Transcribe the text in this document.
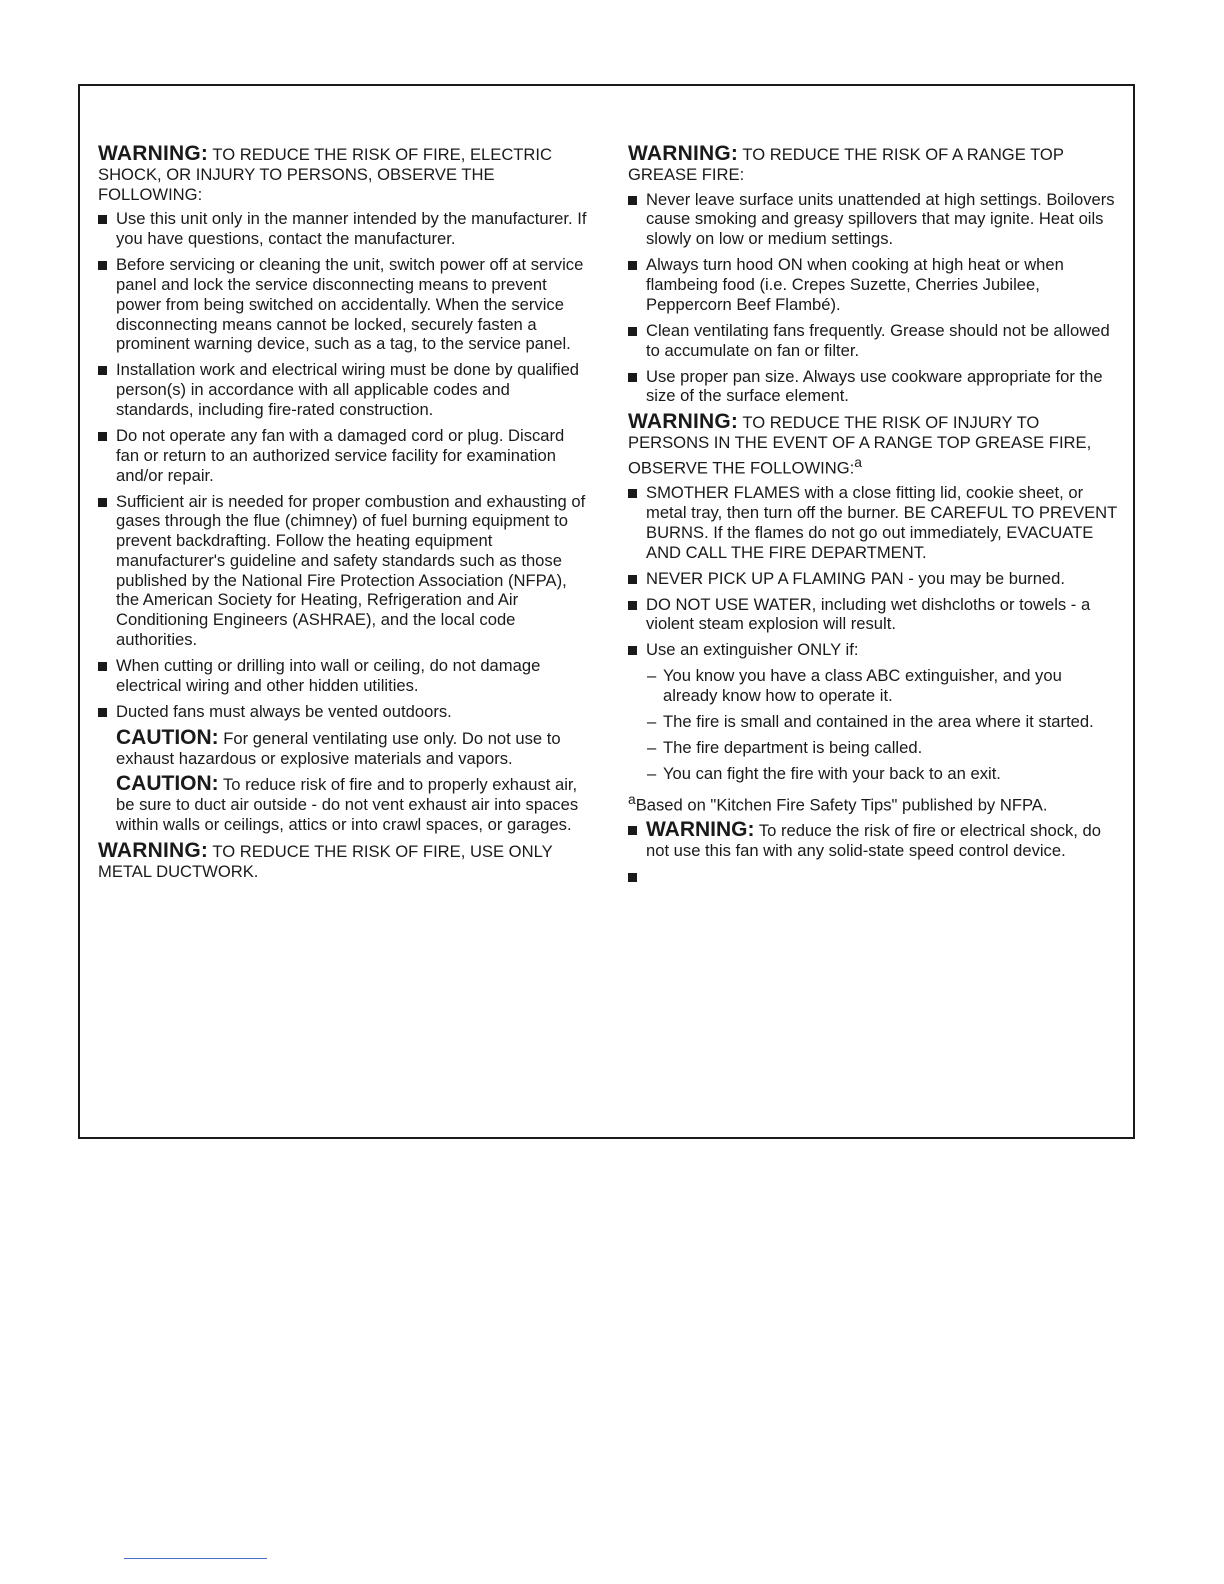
WARNING: TO REDUCE THE RISK OF FIRE, ELECTRIC SHOCK, OR INJURY TO PERSONS, OBSERVE THE FOLLOWING:

Use this unit only in the manner intended by the manufacturer. If you have questions, contact the manufacturer.
Before servicing or cleaning the unit, switch power off at service panel and lock the service disconnecting means to prevent power from being switched on accidentally. When the service disconnecting means cannot be locked, securely fasten a prominent warning device, such as a tag, to the service panel.
Installation work and electrical wiring must be done by qualified person(s) in accordance with all applicable codes and standards, including fire-rated construction.
Do not operate any fan with a damaged cord or plug. Discard fan or return to an authorized service facility for examination and/or repair.
Sufficient air is needed for proper combustion and exhausting of gases through the flue (chimney) of fuel burning equipment to prevent backdrafting. Follow the heating equipment manufacturer's guideline and safety standards such as those published by the National Fire Protection Association (NFPA), the American Society for Heating, Refrigeration and Air Conditioning Engineers (ASHRAE), and the local code authorities.
When cutting or drilling into wall or ceiling, do not damage electrical wiring and other hidden utilities.
Ducted fans must always be vented outdoors.

CAUTION: For general ventilating use only. Do not use to exhaust hazardous or explosive materials and vapors.

CAUTION: To reduce risk of fire and to properly exhaust air, be sure to duct air outside - do not vent exhaust air into spaces within walls or ceilings, attics or into crawl spaces, or garages.

WARNING: TO REDUCE THE RISK OF FIRE, USE ONLY METAL DUCTWORK.

WARNING: TO REDUCE THE RISK OF A RANGE TOP GREASE FIRE:

Never leave surface units unattended at high settings. Boilovers cause smoking and greasy spillovers that may ignite. Heat oils slowly on low or medium settings.
Always turn hood ON when cooking at high heat or when flambeing food (i.e. Crepes Suzette, Cherries Jubilee, Peppercorn Beef Flambé).
Clean ventilating fans frequently. Grease should not be allowed to accumulate on fan or filter.
Use proper pan size. Always use cookware appropriate for the size of the surface element.

WARNING: TO REDUCE THE RISK OF INJURY TO PERSONS IN THE EVENT OF A RANGE TOP GREASE FIRE, OBSERVE THE FOLLOWING:$^a$

SMOTHER FLAMES with a close fitting lid, cookie sheet, or metal tray, then turn off the burner. BE CAREFUL TO PREVENT BURNS. If the flames do not go out immediately, EVACUATE AND CALL THE FIRE DEPARTMENT.
NEVER PICK UP A FLAMING PAN - you may be burned.
DO NOT USE WATER, including wet dishcloths or towels - a violent steam explosion will result.
Use an extinguisher ONLY if:
– You know you have a class ABC extinguisher, and you already know how to operate it.
– The fire is small and contained in the area where it started.
– The fire department is being called.
– You can fight the fire with your back to an exit.

$^a$Based on "Kitchen Fire Safety Tips" published by NFPA.

WARNING: To reduce the risk of fire or electrical shock, do not use this fan with any solid-state speed control device.
